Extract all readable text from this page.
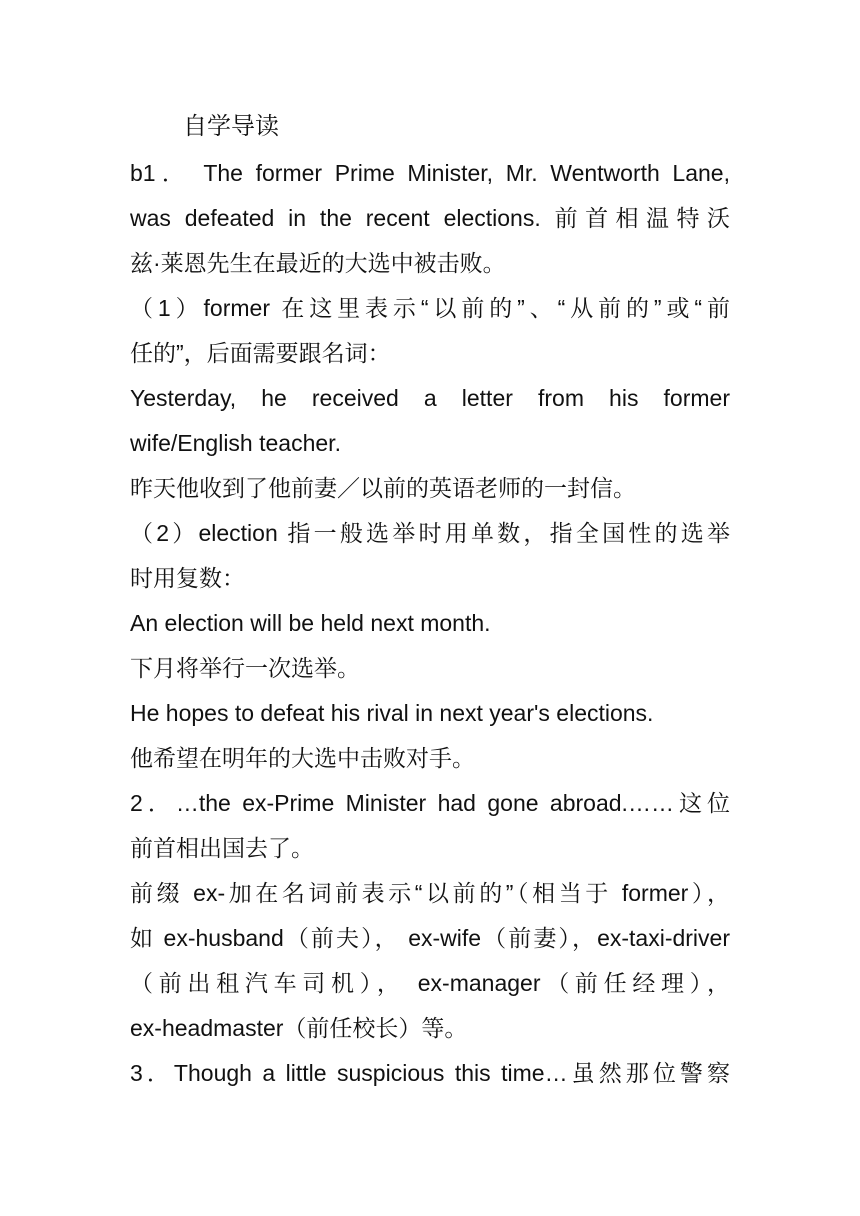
自学导读
b1． The former Prime Minister, Mr. Wentworth Lane,
was defeated in the recent elections. 前首相温特沃
兹·莱恩先生在最近的大选中被击败。
（1）former 在这里表示“以前的”、“从前的”或“前
任的”，后面需要跟名词：
Yesterday, he received a letter from his former
wife/English teacher.
昨天他收到了他前妻／以前的英语老师的一封信。
（2）election 指一般选举时用单数，指全国性的选举
时用复数：
An election will be held next month.
下月将举行一次选举。
He hopes to defeat his rival in next year's elections.
他希望在明年的大选中击败对手。
2．…the ex-Prime Minister had gone abroad.……这位
前首相出国去了。
前缀 ex-加在名词前表示“以前的”（相当于 former），
如 ex-husband（前夫）， ex-wife（前妻），ex-taxi-driver
（前出租汽车司机）， ex-manager（前任经理），
ex-headmaster（前任校长）等。
3．Though a little suspicious this time…虽然那位警察
